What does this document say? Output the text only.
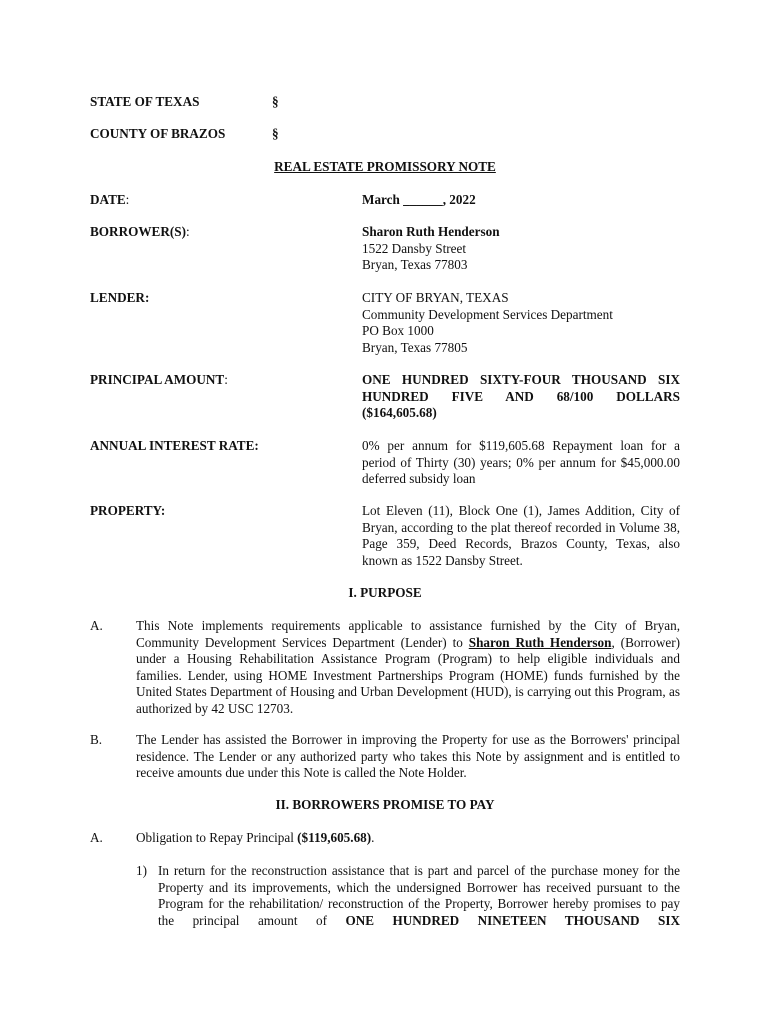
STATE OF TEXAS	§
COUNTY OF BRAZOS	§
REAL ESTATE PROMISSORY NOTE
DATE:	March ______, 2022
BORROWER(S):	Sharon Ruth Henderson
1522 Dansby Street
Bryan, Texas 77803
LENDER:	CITY OF BRYAN, TEXAS
Community Development Services Department
PO Box 1000
Bryan, Texas 77805
PRINCIPAL AMOUNT:	ONE HUNDRED SIXTY-FOUR THOUSAND SIX
HUNDRED FIVE AND 68/100 DOLLARS
($164,605.68)
ANNUAL INTEREST RATE:	0% per annum for $119,605.68 Repayment loan for a period of Thirty (30) years; 0% per annum for $45,000.00 deferred subsidy loan
PROPERTY:	Lot Eleven (11), Block One (1), James Addition, City of Bryan, according to the plat thereof recorded in Volume 38, Page 359, Deed Records, Brazos County, Texas, also known as 1522 Dansby Street.
I. PURPOSE
A.	This Note implements requirements applicable to assistance furnished by the City of Bryan, Community Development Services Department (Lender) to Sharon Ruth Henderson, (Borrower) under a Housing Rehabilitation Assistance Program (Program) to help eligible individuals and families. Lender, using HOME Investment Partnerships Program (HOME) funds furnished by the United States Department of Housing and Urban Development (HUD), is carrying out this Program, as authorized by 42 USC 12703.

B.	The Lender has assisted the Borrower in improving the Property for use as the Borrowers' principal residence. The Lender or any authorized party who takes this Note by assignment and is entitled to receive amounts due under this Note is called the Note Holder.

II. BORROWERS PROMISE TO PAY
A.	Obligation to Repay Principal ($119,605.68).
1) In return for the reconstruction assistance that is part and parcel of the purchase money for the Property and its improvements, which the undersigned Borrower has received pursuant to the Program for the rehabilitation/ reconstruction of the Property, Borrower hereby promises to pay the principal amount of ONE HUNDRED NINETEEN THOUSAND SIX
